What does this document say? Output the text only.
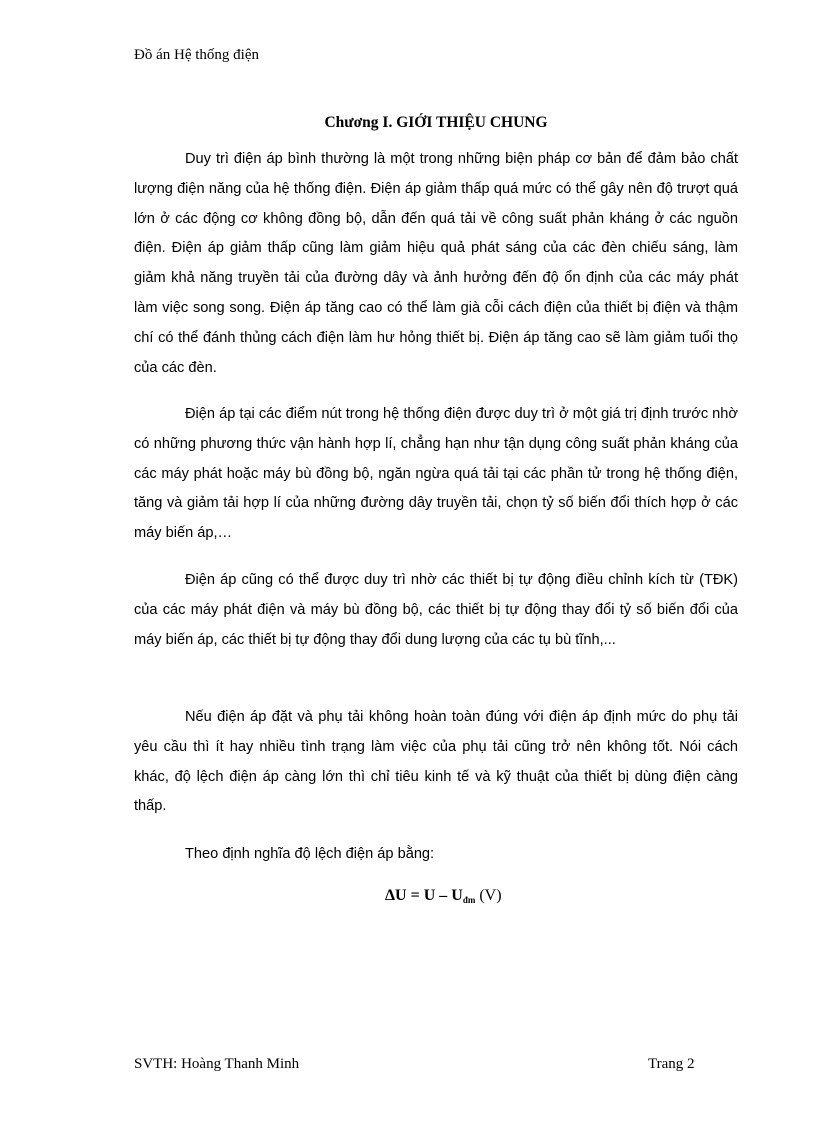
Đồ án Hệ thống điện
Chương I. GIỚI THIỆU CHUNG

Duy trì điện áp bình thường là một trong những biện pháp cơ bản để đảm bảo chất lượng điện năng của hệ thống điện. Điện áp giảm thấp quá mức có thể gây nên độ trượt quá lớn ở các động cơ không đồng bộ, dẫn đến quá tải về công suất phản kháng ở các nguồn điện. Điện áp giảm thấp cũng làm giảm hiệu quả phát sáng của các đèn chiếu sáng, làm giảm khả năng truyền tải của đường dây và ảnh hưởng đến độ ổn định của các máy phát làm việc song song. Điện áp tăng cao có thể làm già cỗi cách điện của thiết bị điện và thậm chí có thể đánh thủng cách điện làm hư hỏng thiết bị. Điện áp tăng cao sẽ làm giảm tuổi thọ của các đèn.

Điện áp tại các điểm nút trong hệ thống điện được duy trì ở một giá trị định trước nhờ có những phương thức vận hành hợp lí, chẳng hạn như tận dụng công suất phản kháng của các máy phát hoặc máy bù đồng bộ, ngăn ngừa quá tải tại các phần tử trong hệ thống điện, tăng và giảm tải hợp lí của những đường dây truyền tải, chọn tỷ số biến đổi thích hợp ở các máy biến áp,…

Điện áp cũng có thể được duy trì nhờ các thiết bị tự động điều chỉnh kích từ (TĐK) của các máy phát điện và máy bù đồng bộ, các thiết bị tự động thay đổi tỷ số biến đổi của máy biến áp, các thiết bị tự động thay đổi dung lượng của các tụ bù tĩnh,...

Nếu điện áp đặt và phụ tải không hoàn toàn đúng với điện áp định mức do phụ tải yêu cầu thì ít hay nhiều tình trạng làm việc của phụ tải cũng trở nên không tốt. Nói cách khác, độ lệch điện áp càng lớn thì chỉ tiêu kinh tế và kỹ thuật của thiết bị dùng điện càng thấp.

Theo định nghĩa độ lệch điện áp bằng:

$\Delta U = U - U_{đm}$ (V)
SVTH: Hoàng Thanh Minh	Trang 2
